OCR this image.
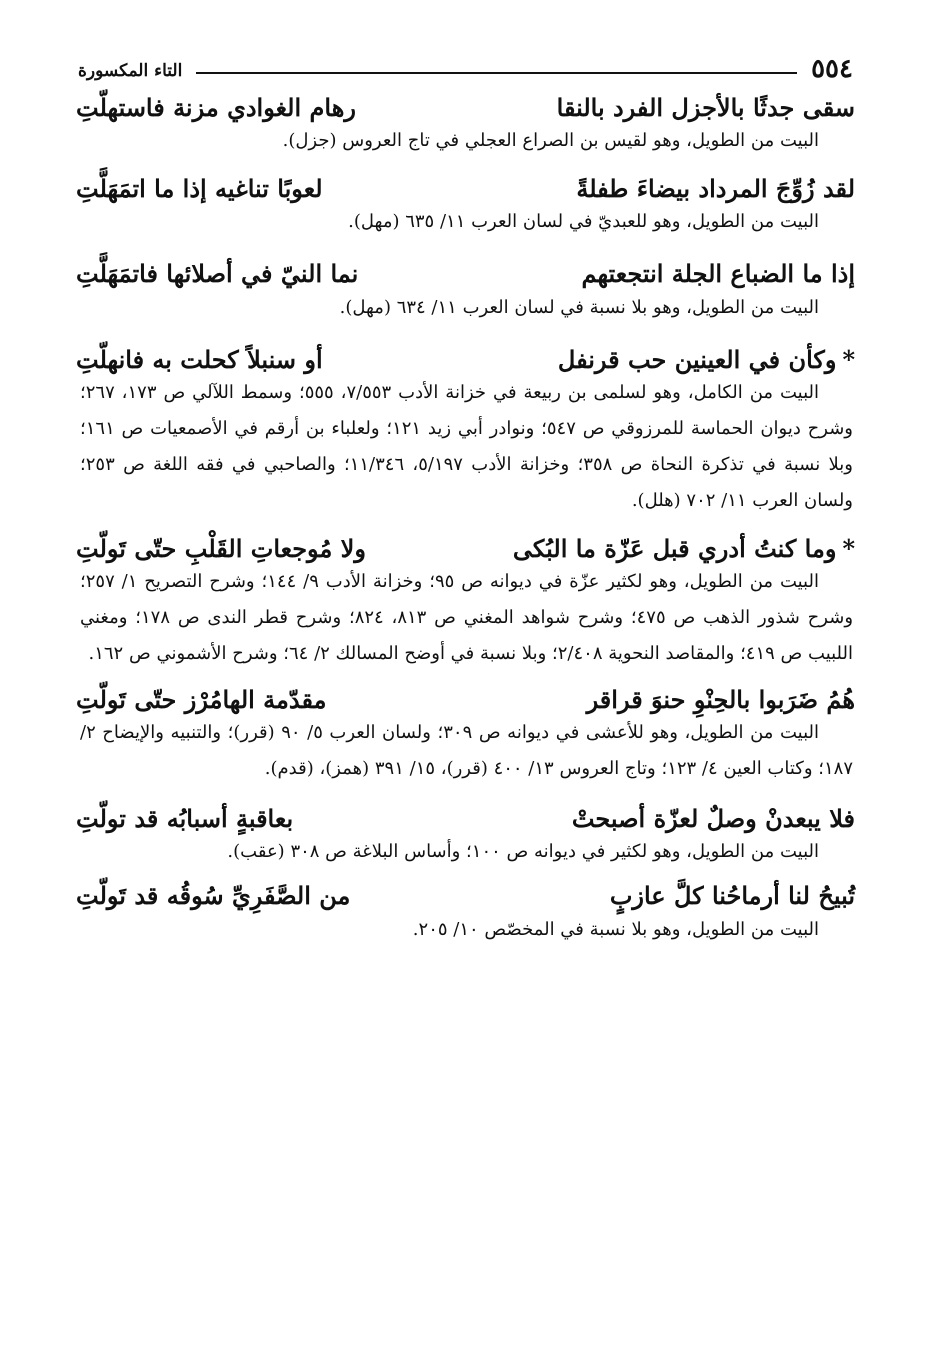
٥٥٤
التاء المكسورة
سقى جدثًا بالأجزل الفرد بالنقا
رهام الغوادي مزنة فاستهلّتِ
البيت من الطويل، وهو لقيس بن الصراع العجلي في تاج العروس (جزل).
لقد زُوِّجَ المرداد بيضاءَ طفلةً
لعوبًا تناغيه إذا ما اتمَهَلَّتِ
البيت من الطويل، وهو للعبديّ في لسان العرب ١١/ ٦٣٥ (مهل).
إذا ما الضباع الجلة انتجعتهم
نما النيّ في أصلائها فاتمَهَلَّتِ
البيت من الطويل، وهو بلا نسبة في لسان العرب ١١/ ٦٣٤ (مهل).
*وكأن في العينين حب قرنفل
أو سنبلاً كحلت به فانهلّتِ
البيت من الكامل، وهو لسلمى بن ربيعة في خزانة الأدب ٧/٥٥٣، ٥٥٥؛ وسمط اللآلي ص ١٧٣، ٢٦٧؛ وشرح ديوان الحماسة للمرزوقي ص ٥٤٧؛ ونوادر أبي زيد ١٢١؛ ولعلباء بن أرقم في الأصمعيات ص ١٦١؛ وبلا نسبة في تذكرة النحاة ص ٣٥٨؛ وخزانة الأدب ٥/١٩٧، ١١/٣٤٦؛ والصاحبي في فقه اللغة ص ٢٥٣؛ ولسان العرب ١١/ ٧٠٢ (هلل).
*وما كنتُ أدري قبل عَزّة ما البُكى
ولا مُوجعاتِ القَلْبِ حتّى تَولّتِ
البيت من الطويل، وهو لكثير عزّة في ديوانه ص ٩٥؛ وخزانة الأدب ٩/ ١٤٤؛ وشرح التصريح ١/ ٢٥٧؛ وشرح شذور الذهب ص ٤٧٥؛ وشرح شواهد المغني ص ٨١٣، ٨٢٤؛ وشرح قطر الندى ص ١٧٨؛ ومغني اللبيب ص ٤١٩؛ والمقاصد النحوية ٢/٤٠٨؛ وبلا نسبة في أوضح المسالك ٢/ ٦٤؛ وشرح الأشموني ص ١٦٢.
هُمُ ضَرَبوا بالحِنْوِ حنوَ قراقر
مقدّمة الهامُرْز حتّى تَولّتِ
البيت من الطويل، وهو للأعشى في ديوانه ص ٣٠٩؛ ولسان العرب ٥/ ٩٠ (قرر)؛ والتنبيه والإيضاح ٢/ ١٨٧؛ وكتاب العين ٤/ ١٢٣؛ وتاج العروس ١٣/ ٤٠٠ (قرر)، ١٥/ ٣٩١ (همز)، (قدم).
فلا يبعدنْ وصلٌ لعزّة أصبحتْ
بعاقبةٍ أسبابُه قد تولّتِ
البيت من الطويل، وهو لكثير في ديوانه ص ١٠٠؛ وأساس البلاغة ص ٣٠٨ (عقب).
تُبيحُ لنا أرماحُنا كلَّ عازبٍ
من الصَّفَرِيِّ سُوقُه قد تَولّتِ
البيت من الطويل، وهو بلا نسبة في المخصّص ١٠/ ٢٠٥.
